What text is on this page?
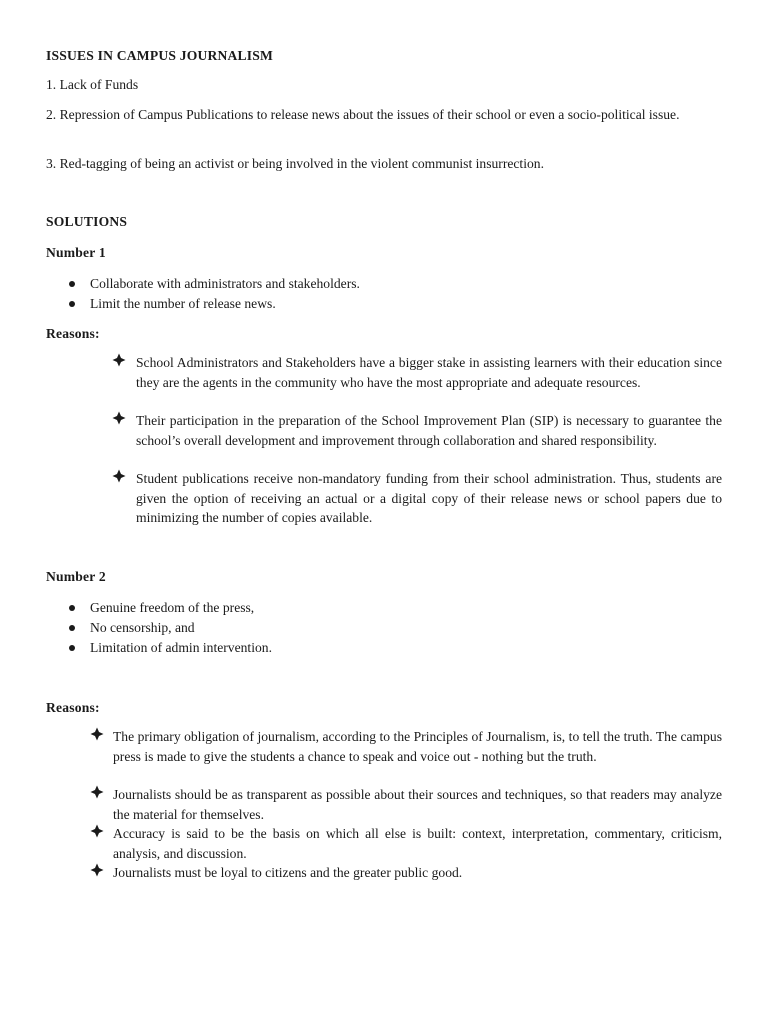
ISSUES IN CAMPUS JOURNALISM
1. Lack of Funds
2. Repression of Campus Publications to release news about the issues of their school or even a socio-political issue.
3. Red-tagging of being an activist or being involved in the violent communist insurrection.
SOLUTIONS
Number 1
Collaborate with administrators and stakeholders.
Limit the number of release news.
Reasons:
School Administrators and Stakeholders have a bigger stake in assisting learners with their education since they are the agents in the community who have the most appropriate and adequate resources.
Their participation in the preparation of the School Improvement Plan (SIP) is necessary to guarantee the school’s overall development and improvement through collaboration and shared responsibility.
Student publications receive non-mandatory funding from their school administration. Thus, students are given the option of receiving an actual or a digital copy of their release news or school papers due to minimizing the number of copies available.
Number 2
Genuine freedom of the press,
No censorship, and
Limitation of admin intervention.
Reasons:
The primary obligation of journalism, according to the Principles of Journalism, is, to tell the truth. The campus press is made to give the students a chance to speak and voice out - nothing but the truth.
Journalists should be as transparent as possible about their sources and techniques, so that readers may analyze the material for themselves.
Accuracy is said to be the basis on which all else is built: context, interpretation, commentary, criticism, analysis, and discussion.
Journalists must be loyal to citizens and the greater public good.
